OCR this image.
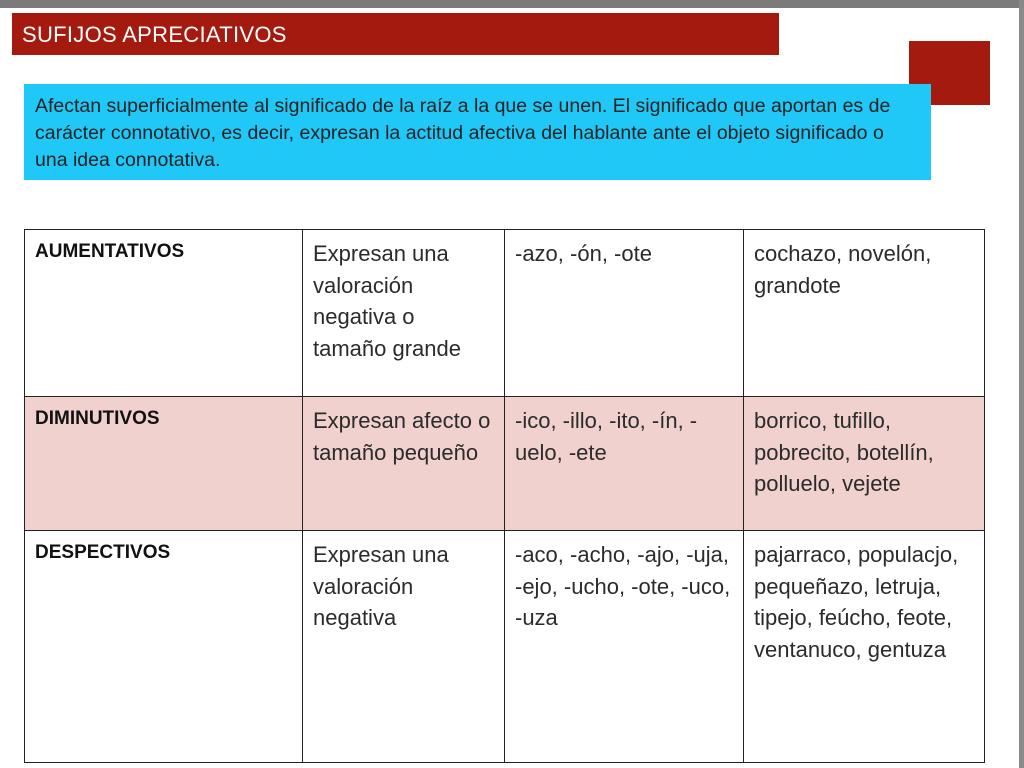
SUFIJOS APRECIATIVOS
Afectan superficialmente al significado de la raíz a la que se unen. El significado que aportan es de carácter connotativo, es decir, expresan la actitud afectiva del hablante ante el objeto significado o una idea connotativa.
AUMENTATIVOS	Expresan una valoración negativa o tamaño grande	-azo, -ón, -ote	cochazo, novelón, grandote
DIMINUTIVOS	Expresan afecto o tamaño pequeño	-ico, -illo, -ito, -ín, -uelo, -ete	borrico, tufillo, pobrecito, botellín, polluelo, vejete
DESPECTIVOS	Expresan una valoración negativa	-aco, -acho, -ajo, -uja, -ejo, -ucho, -ote, -uco, -uza	pajarraco, populacjo, pequeñazo, letruja, tipejo, feúcho, feote, ventanuco, gentuza
